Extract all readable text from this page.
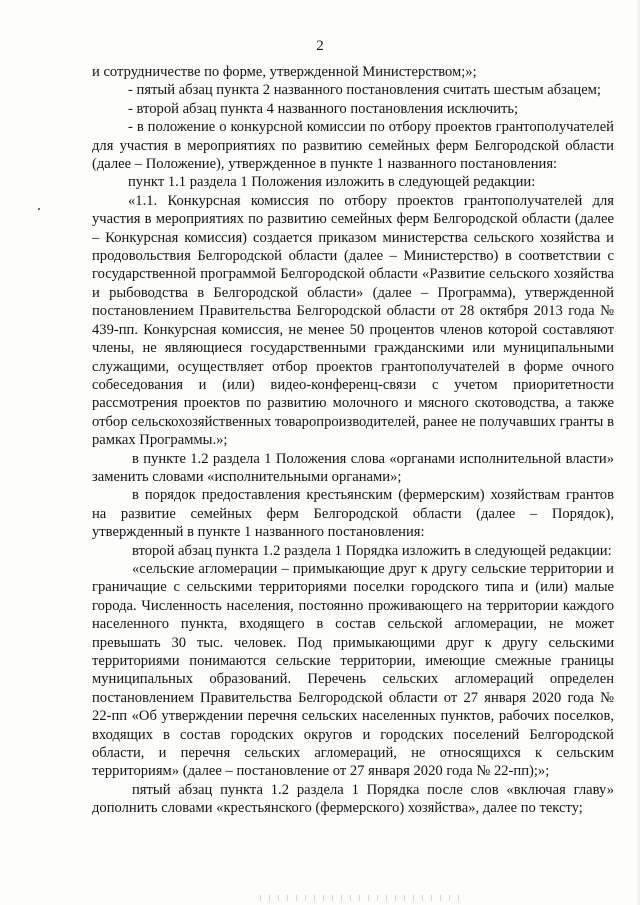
2

и сотрудничестве по форме, утвержденной Министерством;»;

- пятый абзац пункта 2 названного постановления считать шестым абзацем;

- второй абзац пункта 4 названного постановления исключить;

- в положение о конкурсной комиссии по отбору проектов грантополучателей для участия в мероприятиях по развитию семейных ферм Белгородской области (далее – Положение), утвержденное в пункте 1 названного постановления:

пункт 1.1 раздела 1 Положения изложить в следующей редакции:

«1.1. Конкурсная комиссия по отбору проектов грантополучателей для участия в мероприятиях по развитию семейных ферм Белгородской области (далее – Конкурсная комиссия) создается приказом министерства сельского хозяйства и продовольствия Белгородской области (далее – Министерство) в соответствии с государственной программой Белгородской области «Развитие сельского хозяйства и рыбоводства в Белгородской области» (далее – Программа), утвержденной постановлением Правительства Белгородской области от 28 октября 2013 года № 439-пп. Конкурсная комиссия, не менее 50 процентов членов которой составляют члены, не являющиеся государственными гражданскими или муниципальными служащими, осуществляет отбор проектов грантополучателей в форме очного собеседования и (или) видео-конференц-связи с учетом приоритетности рассмотрения проектов по развитию молочного и мясного скотоводства, а также отбор сельскохозяйственных товаропроизводителей, ранее не получавших гранты в рамках Программы.»;

в пункте 1.2 раздела 1 Положения слова «органами исполнительной власти» заменить словами «исполнительными органами»;

в порядок предоставления крестьянским (фермерским) хозяйствам грантов на развитие семейных ферм Белгородской области (далее – Порядок), утвержденный в пункте 1 названного постановления:

второй абзац пункта 1.2 раздела 1 Порядка изложить в следующей редакции:

«сельские агломерации – примыкающие друг к другу сельские территории и граничащие с сельскими территориями поселки городского типа и (или) малые города. Численность населения, постоянно проживающего на территории каждого населенного пункта, входящего в состав сельской агломерации, не может превышать 30 тыс. человек. Под примыкающими друг к другу сельскими территориями понимаются сельские территории, имеющие смежные границы муниципальных образований. Перечень сельских агломераций определен постановлением Правительства Белгородской области от 27 января 2020 года № 22-пп «Об утверждении перечня сельских населенных пунктов, рабочих поселков, входящих в состав городских округов и городских поселений Белгородской области, и перечня сельских агломераций, не относящихся к сельским территориям» (далее – постановление от 27 января 2020 года № 22-пп);»;

пятый абзац пункта 1.2 раздела 1 Порядка после слов «включая главу» дополнить словами «крестьянского (фермерского) хозяйства», далее по тексту;
